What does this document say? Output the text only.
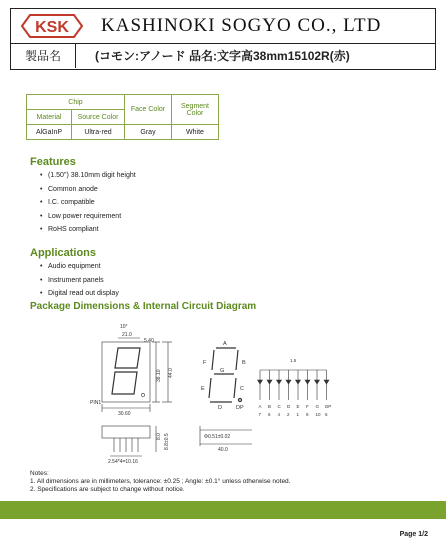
KSK KASHINOKI SOGYO CO., LTD
製品名	(コモン:アノード 品名:文字高38mm15102R(赤)
Chip		Face Color	Segment Color
Material	Source Color		
AlGaInP	Ultra-red	Gray	White
Features
• (1.50") 38.10mm digit height
• Common anode
• I.C. compatible
• Low power requirement
• RoHS compliant
Applications
• Audio equipment
• Instrument panels
• Digital read out display
Package Dimensions & Internal Circuit Diagram
10°
21.0
5.40
38.10 44.0
PIN1
30.60
8.0 8.8±0.5
2.54*4=10.16
A
B
C
D
E
F
G
DP
1.5
A
7
B
6
C
4
D
2
E
1
F
9
G
10
DP
5
Φ0.51±0.02
40.0
Notes:
1. All dimensions are in millimeters, tolerance: ±0.25 ; Angle: ±0.1° unless otherwise noted.
2. Specifications are subject to change without notice.
Page 1/2
